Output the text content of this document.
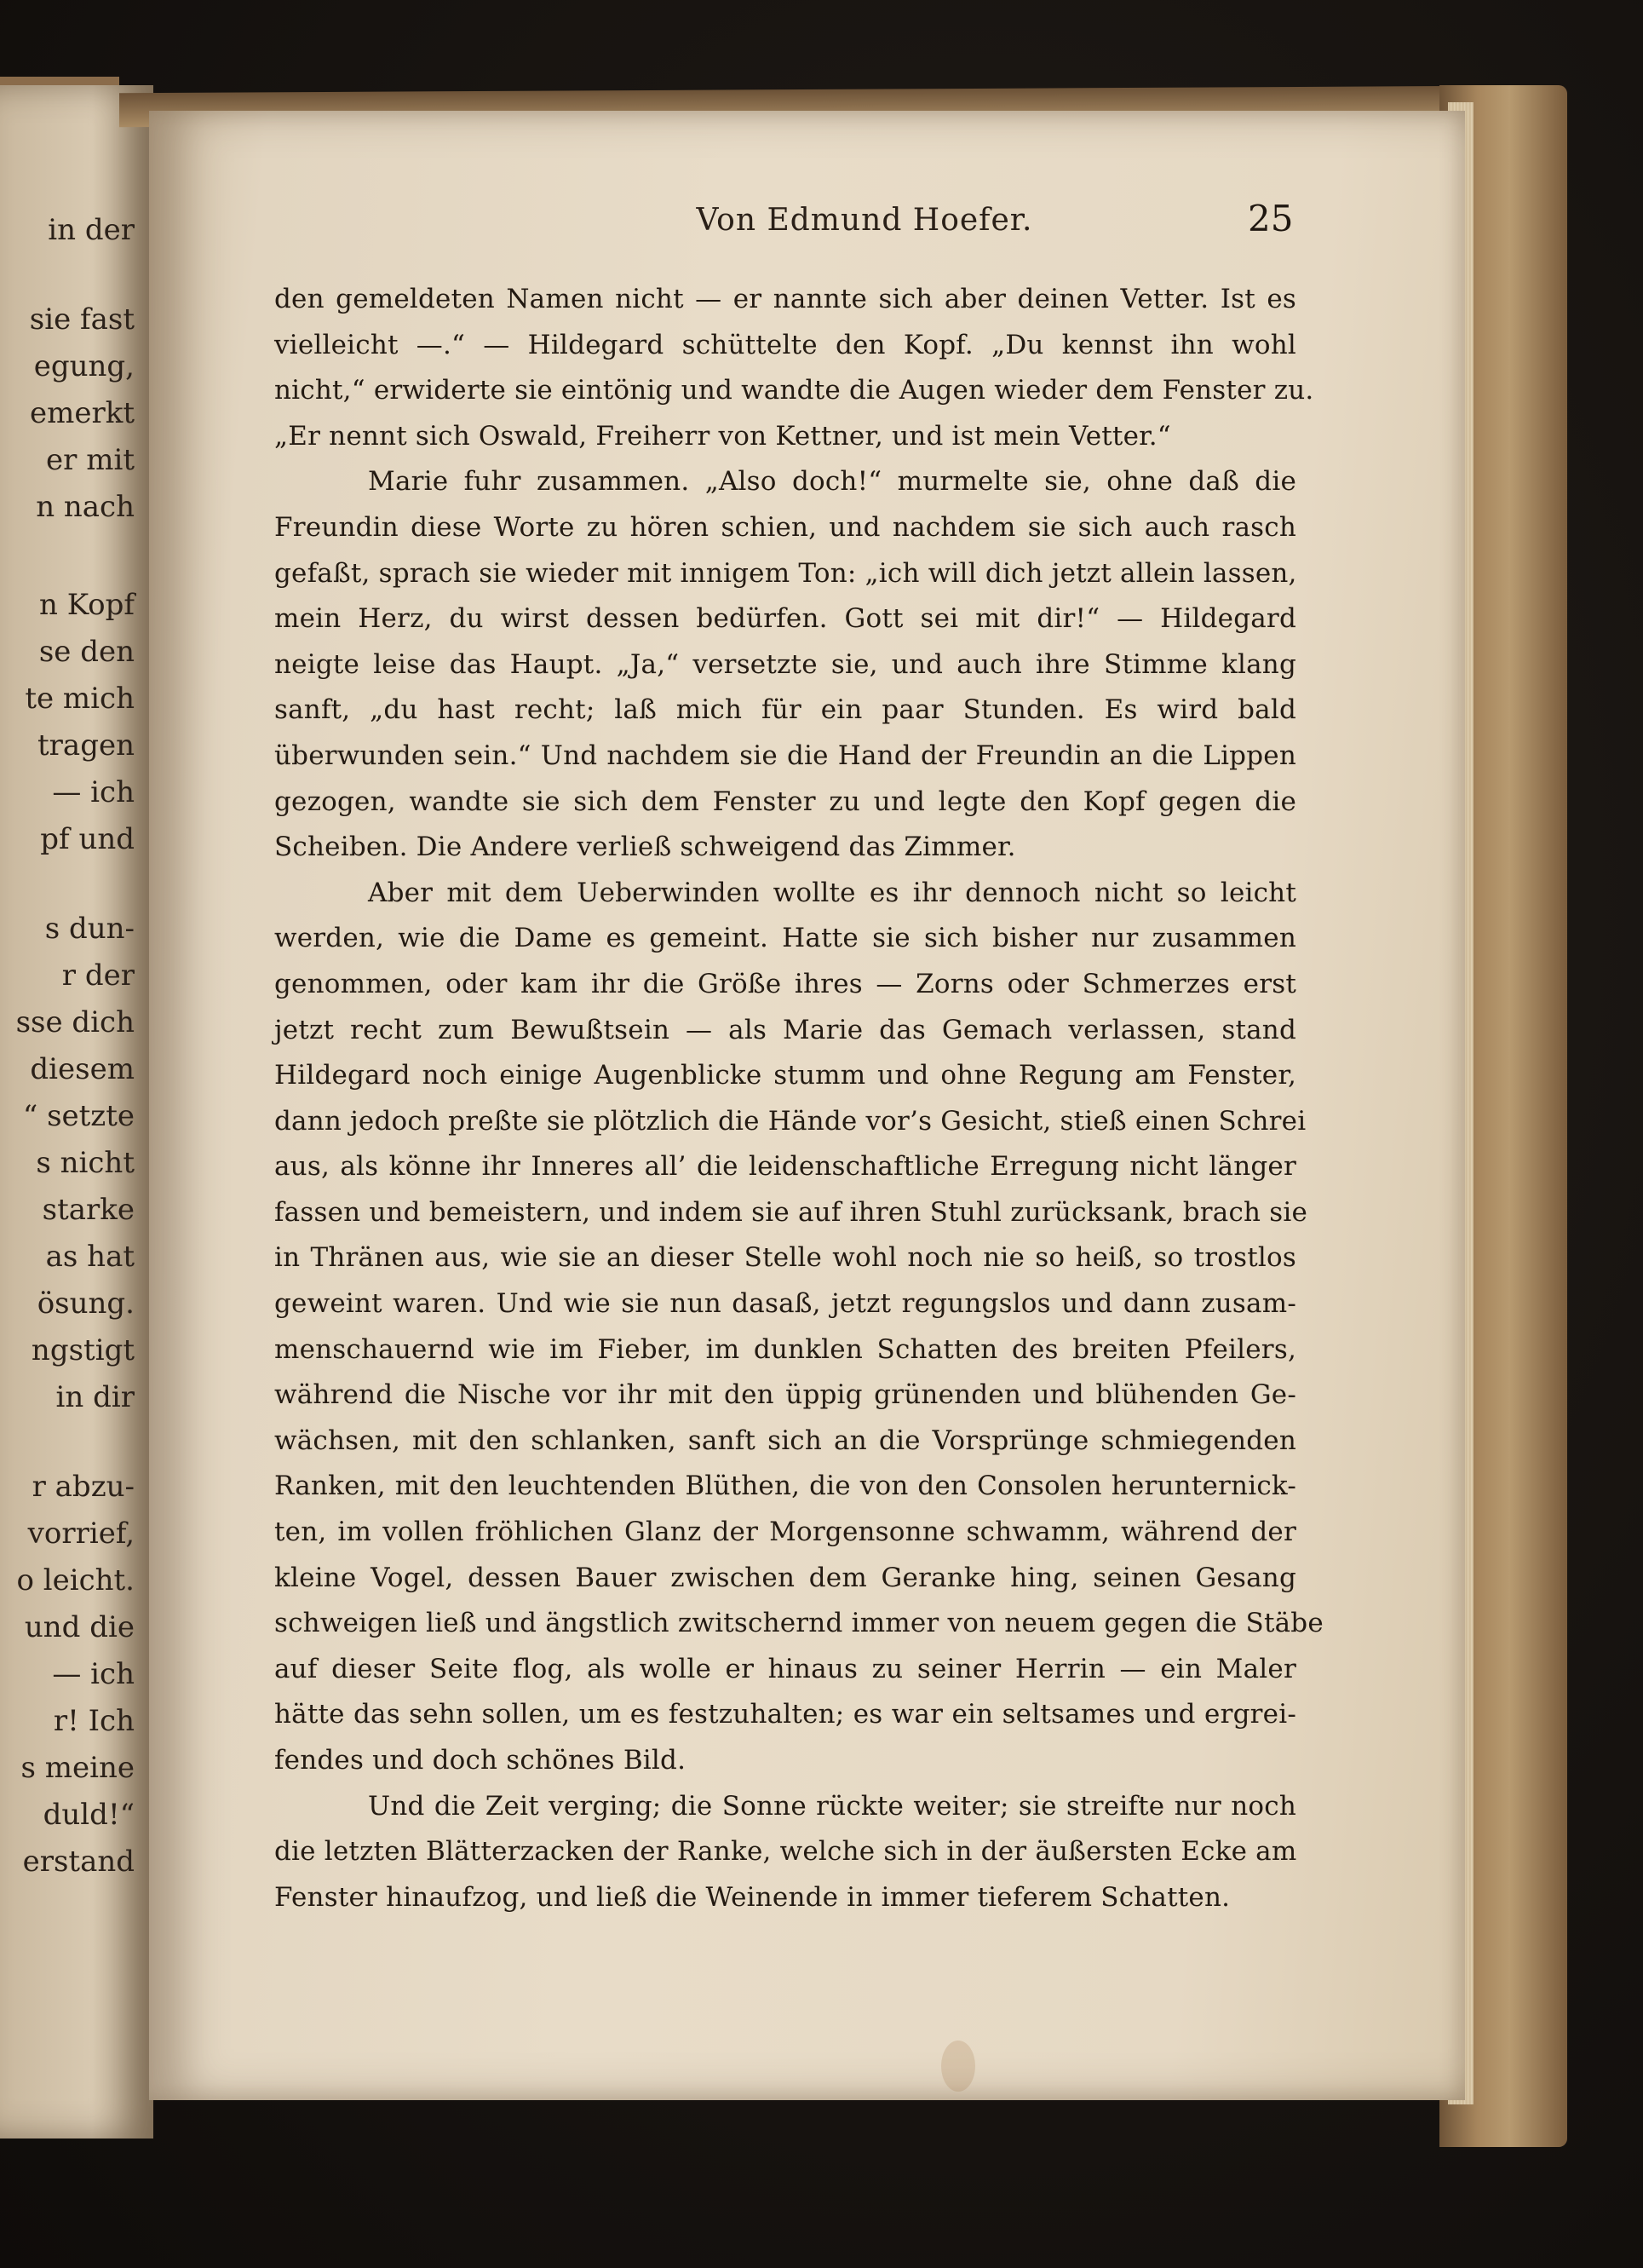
in der
sie fast
egung,
emerkt
er mit
n nach
n Kopf
se den
te mich
tragen
— ich
pf und
s dun-
r der
sse dich
diesem
“ setzte
s nicht
starke
as hat
ösung.
ngstigt
in dir
r abzu-
vorrief,
o leicht.
und die
— ich
r! Ich
s meine
duld!“
erstand
Von Edmund Hoefer.	25
den gemeldeten Namen nicht — er nannte sich aber deinen Vetter. Ist es
vielleicht —.“ — Hildegard schüttelte den Kopf. „Du kennst ihn wohl
nicht,“ erwiderte sie eintönig und wandte die Augen wieder dem Fenster zu.
„Er nennt sich Oswald, Freiherr von Kettner, und ist mein Vetter.“
Marie fuhr zusammen. „Also doch!“ murmelte sie, ohne daß die
Freundin diese Worte zu hören schien, und nachdem sie sich auch rasch
gefaßt, sprach sie wieder mit innigem Ton: „ich will dich jetzt allein lassen,
mein Herz, du wirst dessen bedürfen. Gott sei mit dir!“ — Hildegard
neigte leise das Haupt. „Ja,“ versetzte sie, und auch ihre Stimme klang
sanft, „du hast recht; laß mich für ein paar Stunden. Es wird bald
überwunden sein.“ Und nachdem sie die Hand der Freundin an die Lippen
gezogen, wandte sie sich dem Fenster zu und legte den Kopf gegen die
Scheiben. Die Andere verließ schweigend das Zimmer.
Aber mit dem Ueberwinden wollte es ihr dennoch nicht so leicht
werden, wie die Dame es gemeint. Hatte sie sich bisher nur zusammen
genommen, oder kam ihr die Größe ihres — Zorns oder Schmerzes erst
jetzt recht zum Bewußtsein — als Marie das Gemach verlassen, stand
Hildegard noch einige Augenblicke stumm und ohne Regung am Fenster,
dann jedoch preßte sie plötzlich die Hände vor’s Gesicht, stieß einen Schrei
aus, als könne ihr Inneres all’ die leidenschaftliche Erregung nicht länger
fassen und bemeistern, und indem sie auf ihren Stuhl zurücksank, brach sie
in Thränen aus, wie sie an dieser Stelle wohl noch nie so heiß, so trostlos
geweint waren. Und wie sie nun dasaß, jetzt regungslos und dann zusam-
menschauernd wie im Fieber, im dunklen Schatten des breiten Pfeilers,
während die Nische vor ihr mit den üppig grünenden und blühenden Ge-
wächsen, mit den schlanken, sanft sich an die Vorsprünge schmiegenden
Ranken, mit den leuchtenden Blüthen, die von den Consolen herunternick-
ten, im vollen fröhlichen Glanz der Morgensonne schwamm, während der
kleine Vogel, dessen Bauer zwischen dem Geranke hing, seinen Gesang
schweigen ließ und ängstlich zwitschernd immer von neuem gegen die Stäbe
auf dieser Seite flog, als wolle er hinaus zu seiner Herrin — ein Maler
hätte das sehn sollen, um es festzuhalten; es war ein seltsames und ergrei-
fendes und doch schönes Bild.
Und die Zeit verging; die Sonne rückte weiter; sie streifte nur noch
die letzten Blätterzacken der Ranke, welche sich in der äußersten Ecke am
Fenster hinaufzog, und ließ die Weinende in immer tieferem Schatten.
